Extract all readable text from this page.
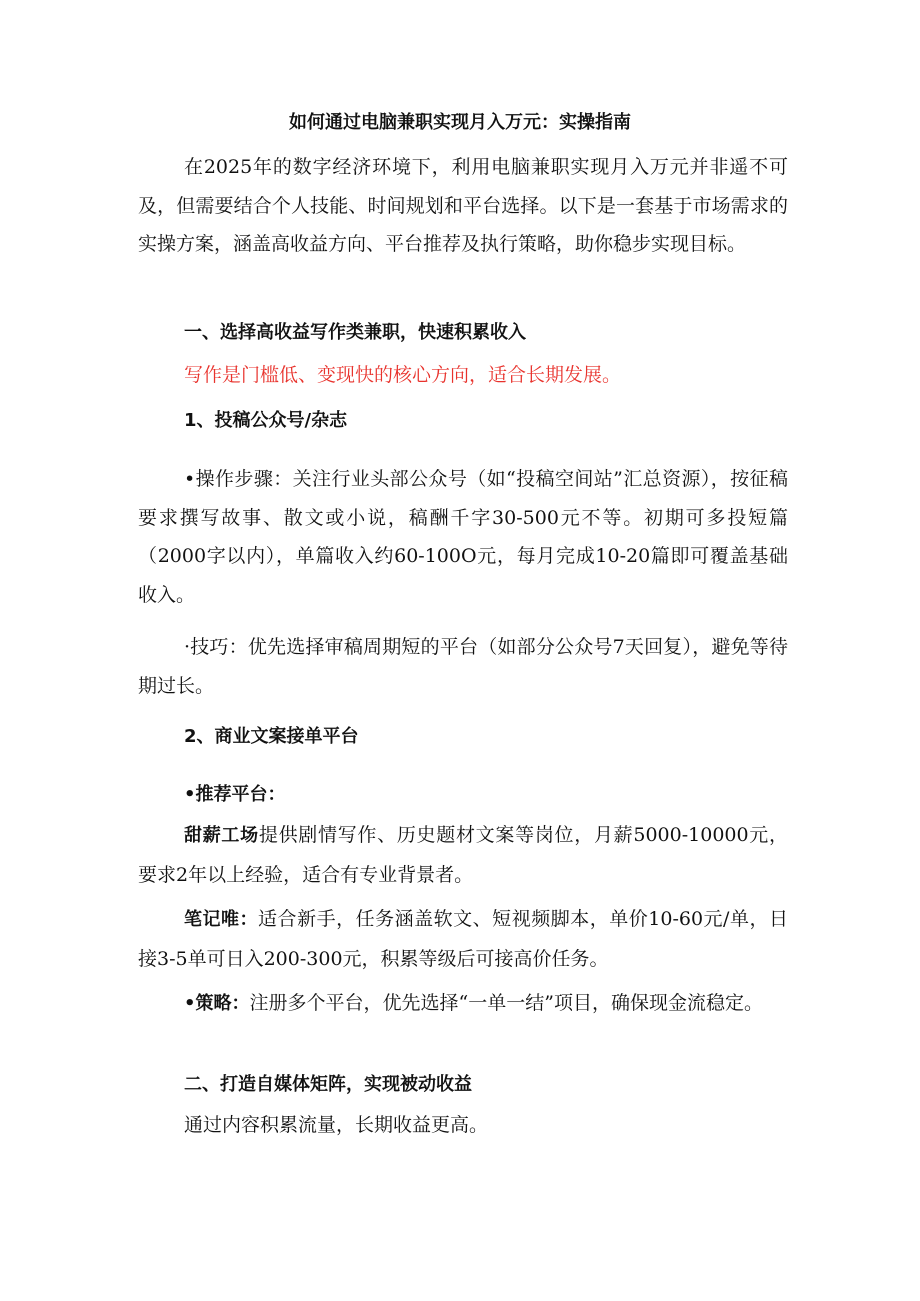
如何通过电脑兼职实现月入万元：实操指南

在2025年的数字经济环境下，利用电脑兼职实现月入万元并非遥不可及，但需要结合个人技能、时间规划和平台选择。以下是一套基于市场需求的实操方案，涵盖高收益方向、平台推荐及执行策略，助你稳步实现目标。

一、选择高收益写作类兼职，快速积累收入
写作是门槛低、变现快的核心方向，适合长期发展。
1、投稿公众号/杂志

•操作步骤：关注行业头部公众号（如“投稿空间站”汇总资源），按征稿要求撰写故事、散文或小说，稿酬千字30-500元不等。初期可多投短篇（2000字以内），单篇收入约60-100O元，每月完成10-20篇即可覆盖基础收入。

·技巧：优先选择审稿周期短的平台（如部分公众号7天回复），避免等待期过长。

2、商业文案接单平台
•推荐平台：

甜薪工场提供剧情写作、历史题材文案等岗位，月薪5000-10000元，要求2年以上经验，适合有专业背景者。

笔记唯：适合新手，任务涵盖软文、短视频脚本，单价10-60元/单，日接3-5单可日入200-300元，积累等级后可接高价任务。

•策略：注册多个平台，优先选择“一单一结”项目，确保现金流稳定。

二、打造自媒体矩阵，实现被动收益
通过内容积累流量，长期收益更高。
